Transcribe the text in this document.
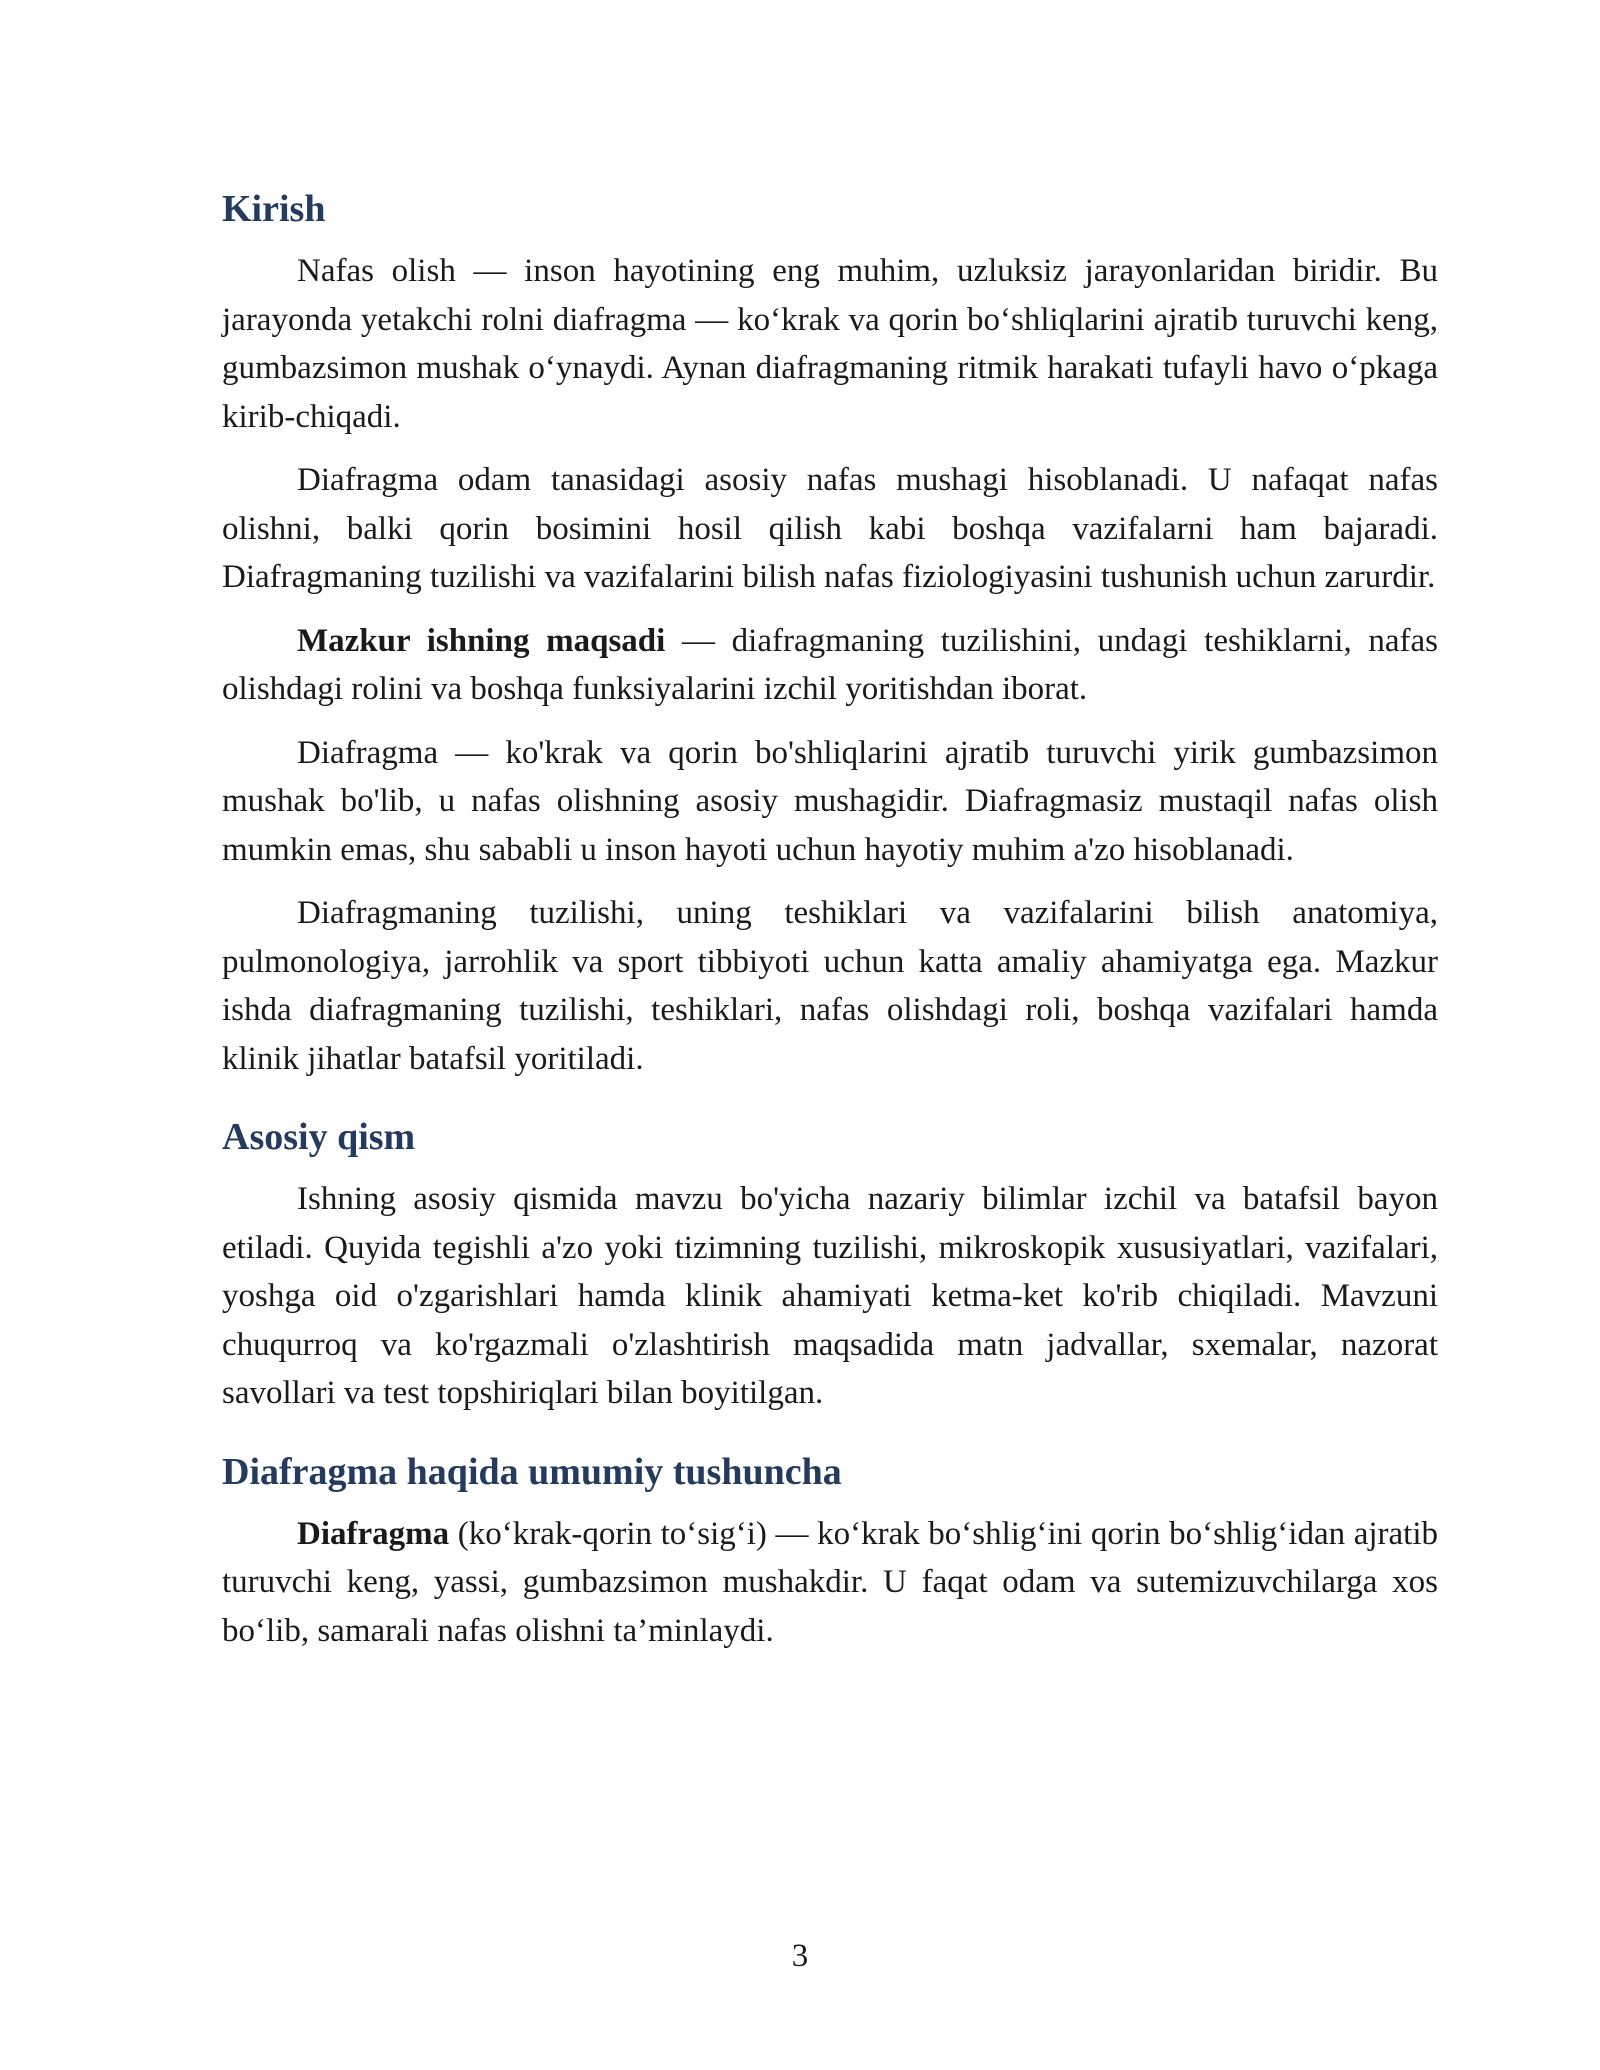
Kirish

Nafas olish — inson hayotining eng muhim, uzluksiz jarayonlaridan biridir. Bu jarayonda yetakchi rolni diafragma — ko‘krak va qorin bo‘shliqlarini ajratib turuvchi keng, gumbazsimon mushak o‘ynaydi. Aynan diafragmaning ritmik harakati tufayli havo o‘pkaga kirib-chiqadi.

Diafragma odam tanasidagi asosiy nafas mushagi hisoblanadi. U nafaqat nafas olishni, balki qorin bosimini hosil qilish kabi boshqa vazifalarni ham bajaradi. Diafragmaning tuzilishi va vazifalarini bilish nafas fiziologiyasini tushunish uchun zarurdir.

Mazkur ishning maqsadi — diafragmaning tuzilishini, undagi teshiklarni, nafas olishdagi rolini va boshqa funksiyalarini izchil yoritishdan iborat.

Diafragma — ko'krak va qorin bo'shliqlarini ajratib turuvchi yirik gumbazsimon mushak bo'lib, u nafas olishning asosiy mushagidir. Diafragmasiz mustaqil nafas olish mumkin emas, shu sababli u inson hayoti uchun hayotiy muhim a'zo hisoblanadi.

Diafragmaning tuzilishi, uning teshiklari va vazifalarini bilish anatomiya, pulmonologiya, jarrohlik va sport tibbiyoti uchun katta amaliy ahamiyatga ega. Mazkur ishda diafragmaning tuzilishi, teshiklari, nafas olishdagi roli, boshqa vazifalari hamda klinik jihatlar batafsil yoritiladi.

Asosiy qism

Ishning asosiy qismida mavzu bo'yicha nazariy bilimlar izchil va batafsil bayon etiladi. Quyida tegishli a'zo yoki tizimning tuzilishi, mikroskopik xususiyatlari, vazifalari, yoshga oid o'zgarishlari hamda klinik ahamiyati ketma-ket ko'rib chiqiladi. Mavzuni chuqurroq va ko'rgazmali o'zlashtirish maqsadida matn jadvallar, sxemalar, nazorat savollari va test topshiriqlari bilan boyitilgan.

Diafragma haqida umumiy tushuncha

Diafragma (ko‘krak-qorin to‘sig‘i) — ko‘krak bo‘shlig‘ini qorin bo‘shlig‘idan ajratib turuvchi keng, yassi, gumbazsimon mushakdir. U faqat odam va sutemizuvchilarga xos bo‘lib, samarali nafas olishni ta’minlaydi.

3
